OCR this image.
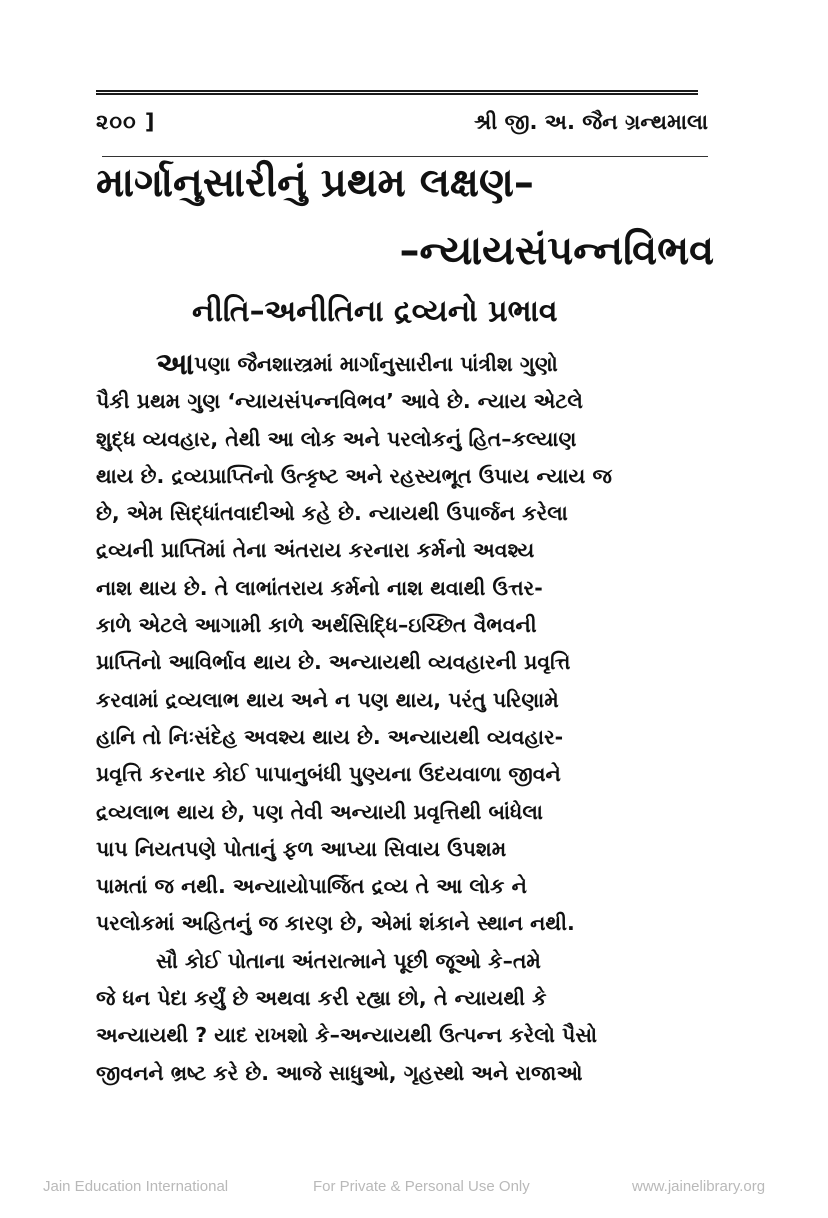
૨૦૦ ]	શ્રી જી. અ. જૈન ગ્રન્થમાલા
માર્ગાનુસારીનું પ્રથમ લક્ષણ–
–ન્યાયસંપન્નવિભવ
નીતિ–અનીતિના દ્રવ્યનો પ્રભાવ
આ પણા જૈનશાસ્ત્રમાં માર્ગાનુસારીના પાંત્રીશ ગુણો
પૈકી પ્રથમ ગુણ ‘ન્યાયસંપન્નવિભવ’ આવે છે. ન્યાય એટલે
શુદ્ધ વ્યવહાર, તેથી આ લોક અને પરલોકનું હિત–કલ્યાણ
થાય છે. દ્રવ્યપ્રાપ્તિનો ઉત્કૃષ્ટ અને રહસ્યભૂત ઉપાય ન્યાય જ
છે, એમ સિદ્ધાંતવાદીઓ કહે છે. ન્યાયથી ઉપાર્જન કરેલા
દ્રવ્યની પ્રાપ્તિમાં તેના અંતરાય કરનારા કર્મનો અવશ્ય
નાશ થાય છે. તે લાભાંતરાય કર્મનો નાશ થવાથી ઉત્તર-
કાળે એટલે આગામી કાળે અર્થસિદ્ધિ–ઇચ્છિત વૈભવની
પ્રાપ્તિનો આવિર્ભાવ થાય છે. અન્યાયથી વ્યવહારની પ્રવૃત્તિ
કરવામાં દ્રવ્યલાભ થાય અને ન પણ થાય, પરંતુ પરિણામે
હાનિ તો નિઃસંદેહ અવશ્ય થાય છે. અન્યાયથી વ્યવહાર-
પ્રવૃત્તિ કરનાર કોઈ પાપાનુબંધી પુણ્યના ઉદયવાળા જીવને
દ્રવ્યલાભ થાય છે, પણ તેવી અન્યાયી પ્રવૃત્તિથી બાંધેલા
પાપ નિયતપણે પોતાનું ફળ આપ્યા સિવાય ઉપશમ
પામતાં જ નથી. અન્યાયોપાર્જિત દ્રવ્ય તે આ લોક ને
પરલોકમાં અહિતનું જ કારણ છે, એમાં શંકાને સ્થાન નથી.
સૌ કોઈ પોતાના અંતરાત્માને પૂછી જૂઓ કે–તમે
જે ધન પેદા કર્યું છે અથવા કરી રહ્યા છો, તે ન્યાયથી કે
અન્યાયથી ? યાદ રાખશો કે–અન્યાયથી ઉત્પન્ન કરેલો પૈસો
જીવનને ભ્રષ્ટ કરે છે. આજે સાધુઓ, ગૃહસ્થો અને રાજાઓ
Jain Education International	For Private & Personal Use Only	www.jainelibrary.org
